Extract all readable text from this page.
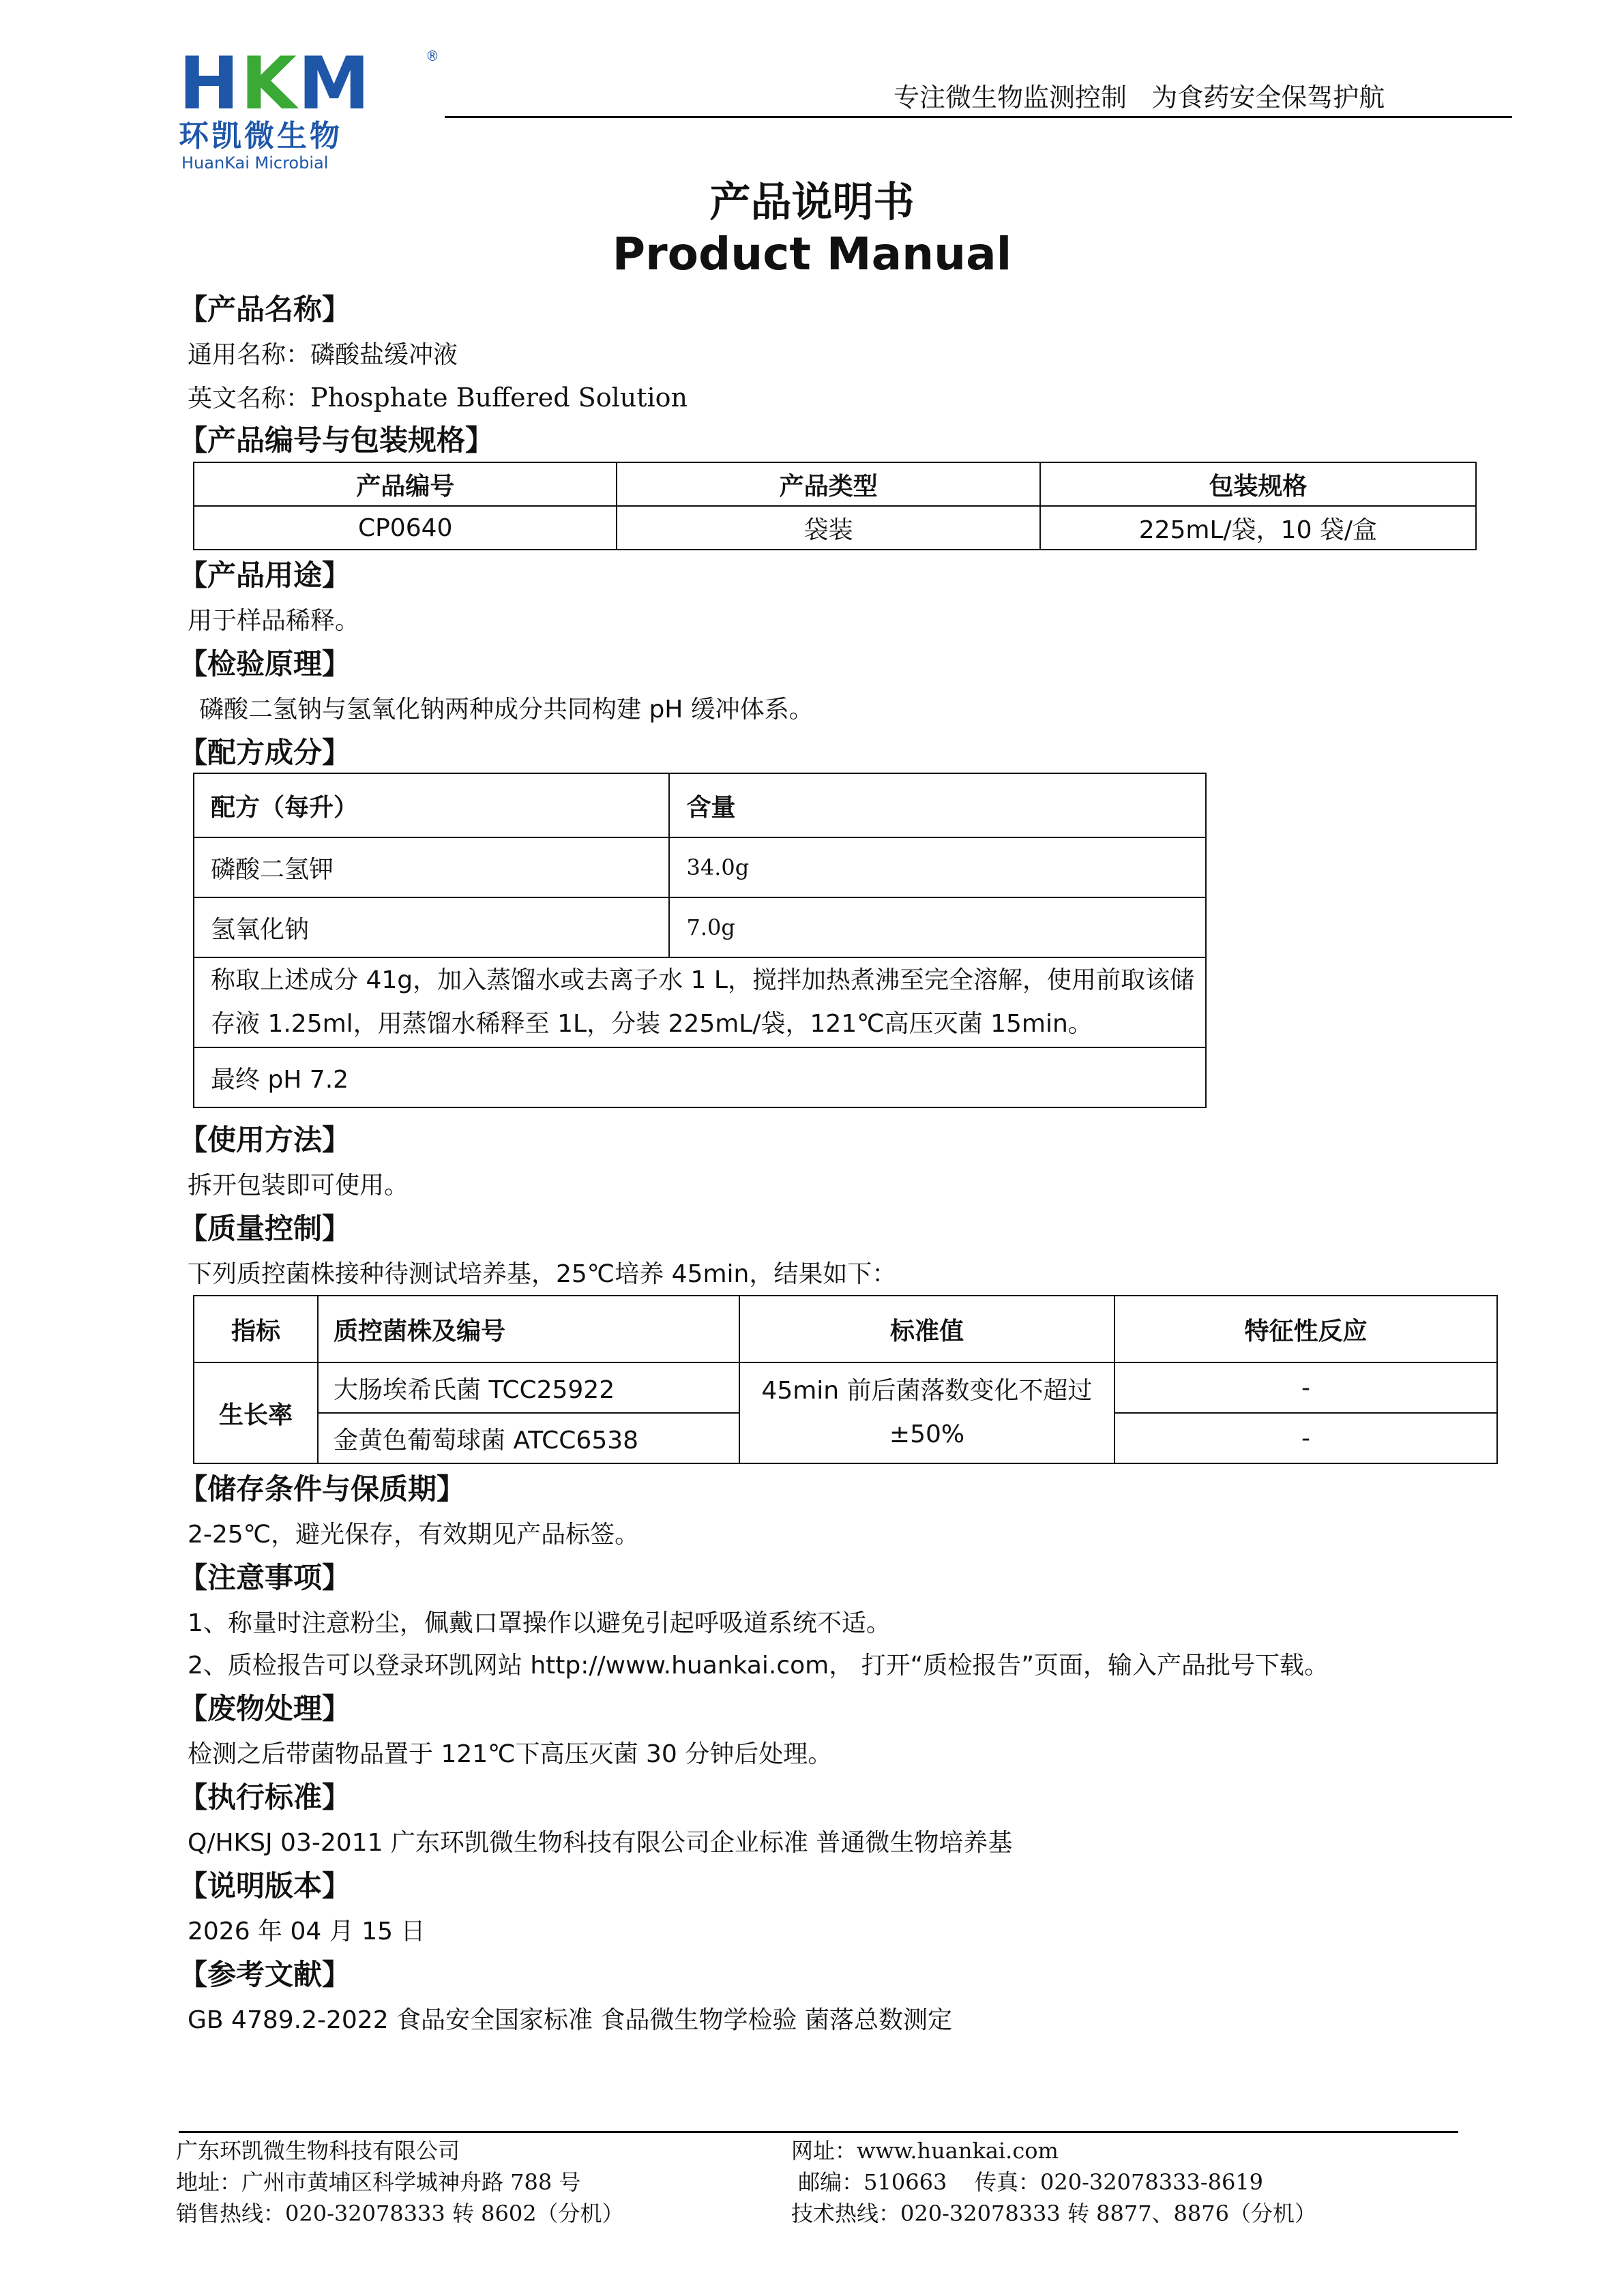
HKM	®
环凯微生物
HuanKai Microbial
专注微生物监测控制   为食药安全保驾护航
产品说明书
Product Manual
【产品名称】
通用名称：磷酸盐缓冲液
英文名称：Phosphate Buffered Solution
【产品编号与包装规格】
产品编号	产品类型	包装规格
CP0640	袋装	225mL/袋，10 袋/盒
【产品用途】
用于样品稀释。
【检验原理】
磷酸二氢钠与氢氧化钠两种成分共同构建 pH 缓冲体系。
【配方成分】
配方（每升）	含量
磷酸二氢钾	34.0g
氢氧化钠	7.0g

称取上述成分 41g，加入蒸馏水或去离子水 1 L，搅拌加热煮沸至完全溶解，使用前取该储
存液 1.25ml，用蒸馏水稀释至 1L，分装 225mL/袋，121℃高压灭菌 15min。	

最终 pH 7.2	
【使用方法】
拆开包装即可使用。
【质量控制】
下列质控菌株接种待测试培养基，25℃培养 45min，结果如下：
指标	质控菌株及编号	标准值	特征性反应
生长率	大肠埃希氏菌 TCC25922	45min 前后菌落数变化不超过±50%	-
	金黄色葡萄球菌 ATCC6538		-
【储存条件与保质期】
2-25℃，避光保存，有效期见产品标签。
【注意事项】
1、称量时注意粉尘，佩戴口罩操作以避免引起呼吸道系统不适。
2、质检报告可以登录环凯网站 http://www.huankai.com， 打开“质检报告”页面，输入产品批号下载。
【废物处理】
检测之后带菌物品置于 121℃下高压灭菌 30 分钟后处理。
【执行标准】
Q/HKSJ 03-2011 广东环凯微生物科技有限公司企业标准 普通微生物培养基
【说明版本】
2026 年 04 月 15 日
【参考文献】
GB 4789.2-2022 食品安全国家标准 食品微生物学检验 菌落总数测定
广东环凯微生物科技有限公司
地址：广州市黄埔区科学城神舟路 788 号
销售热线：020-32078333 转 8602（分机）
网址：www.huankai.com
邮编：510663    传真：020-32078333-8619
技术热线：020-32078333 转 8877、8876（分机）
